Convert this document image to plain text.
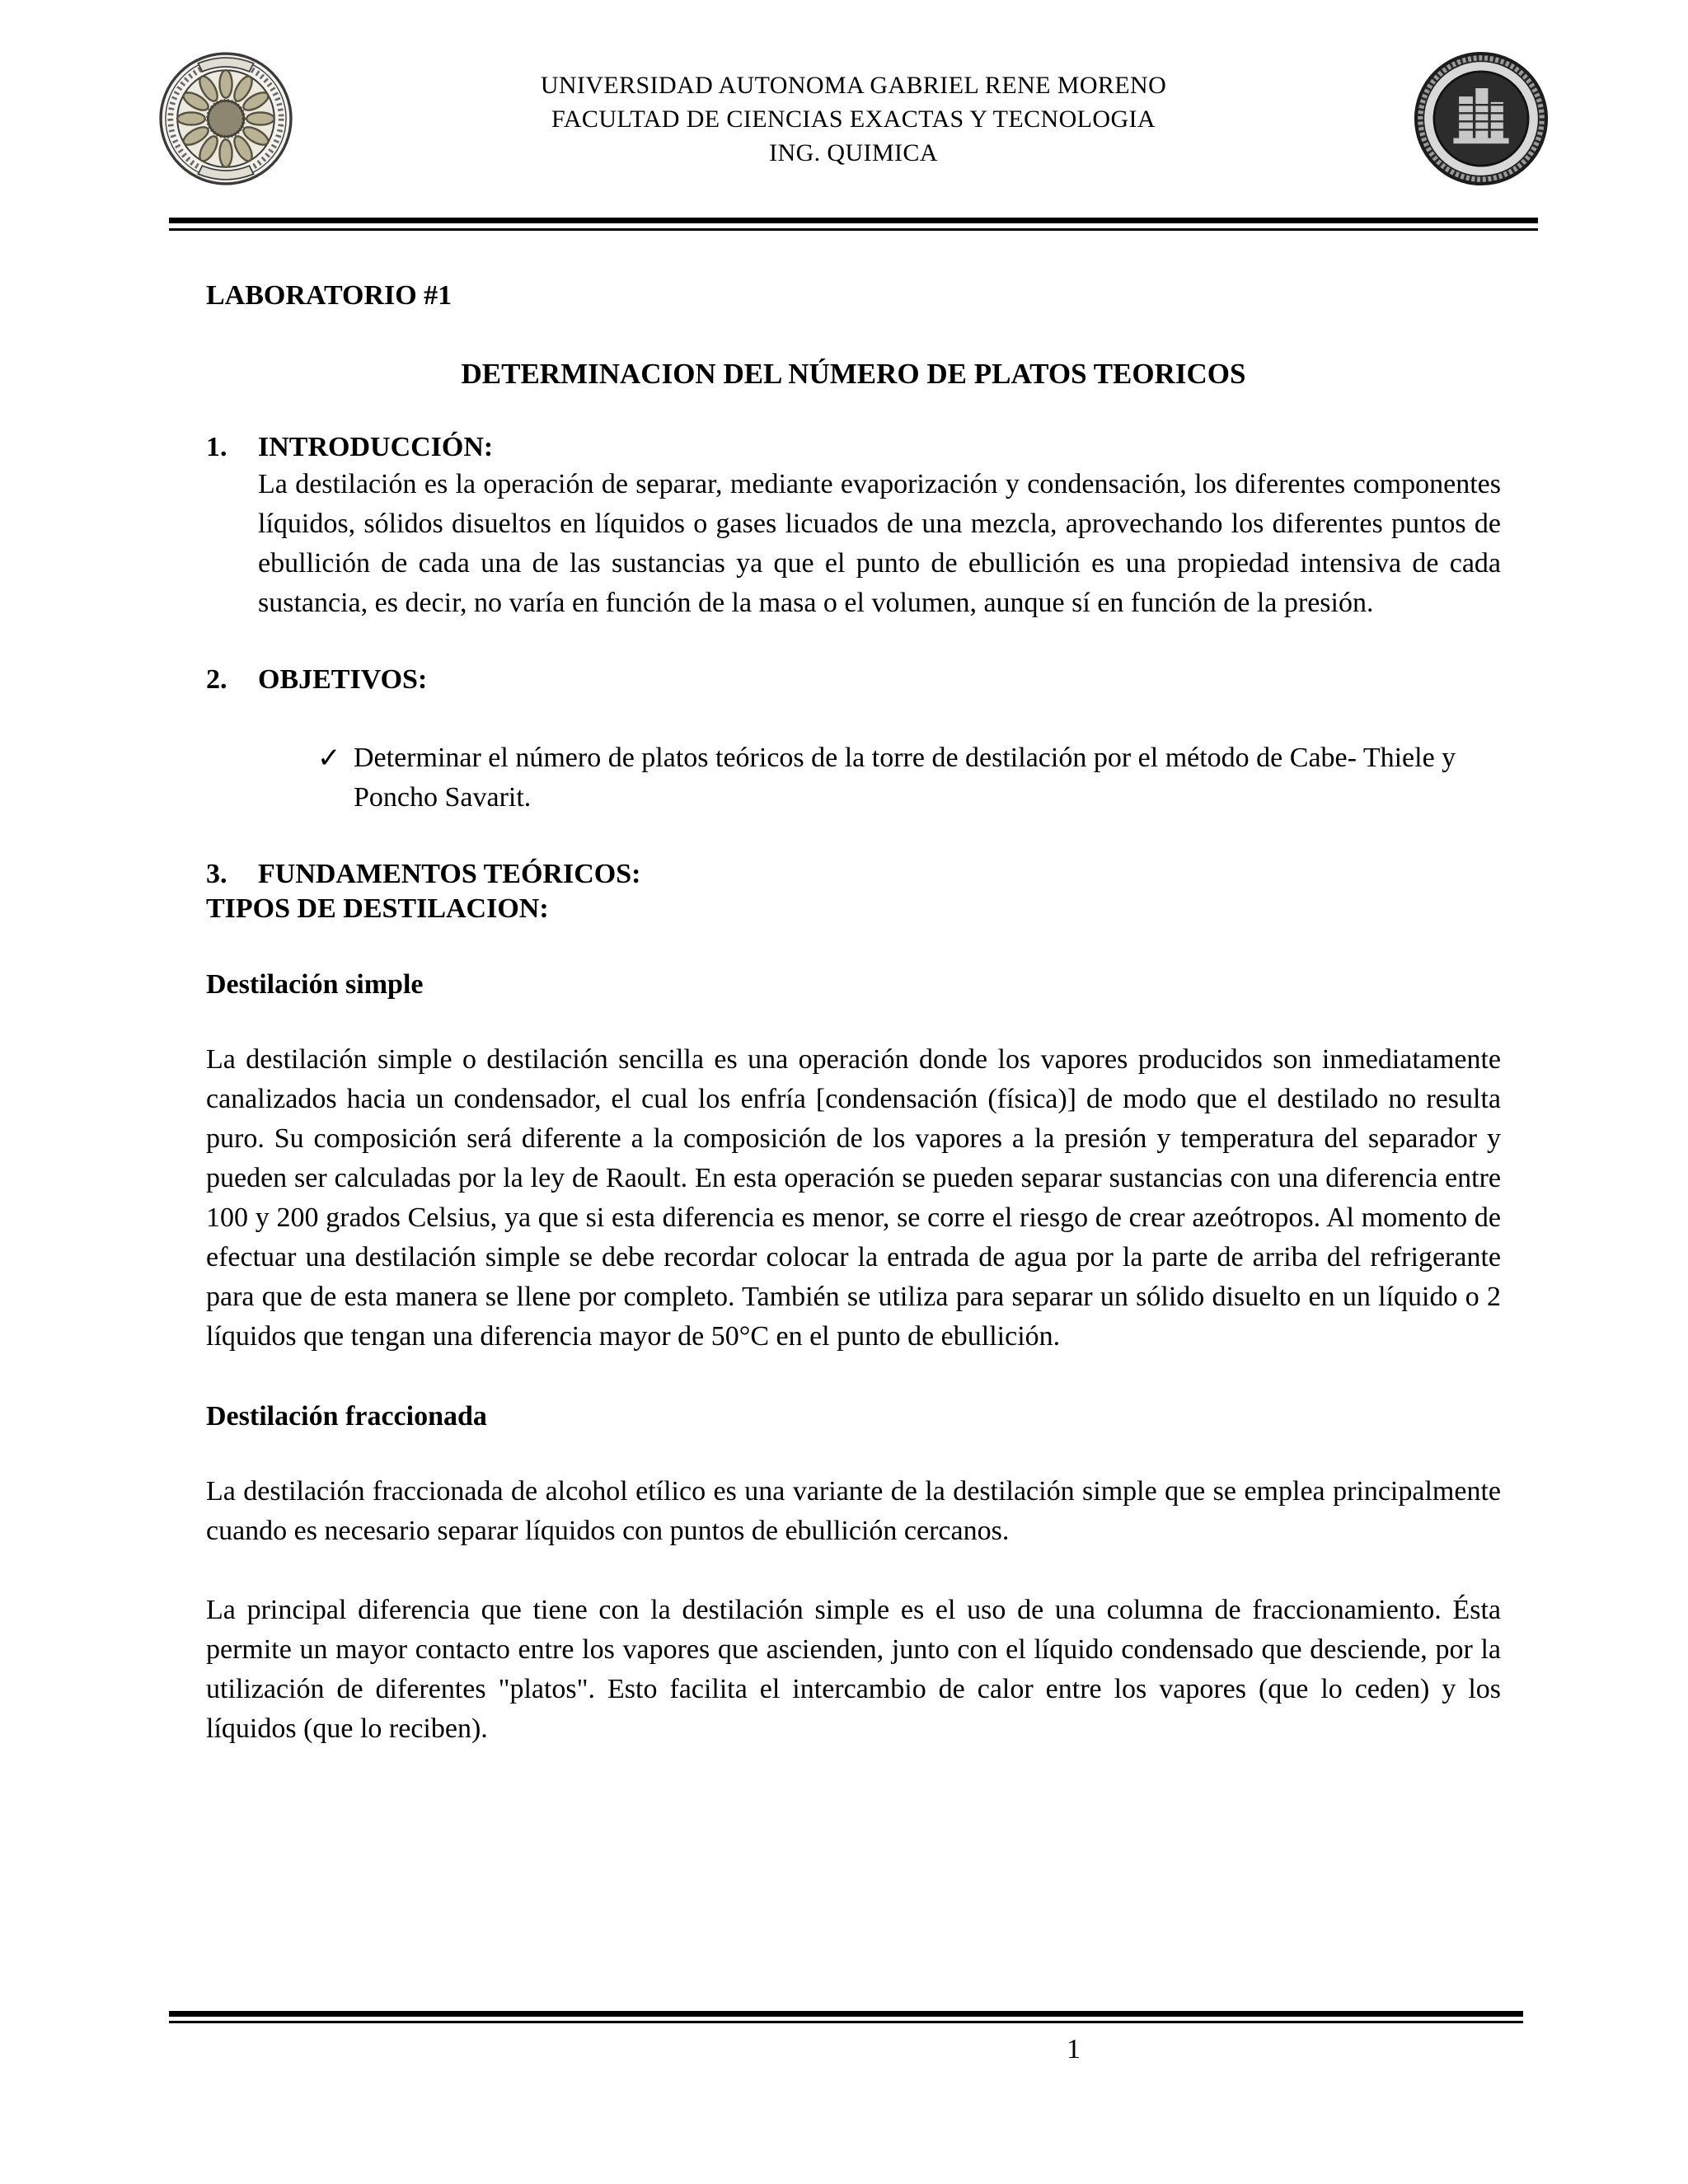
UNIVERSIDAD AUTONOMA GABRIEL RENE MORENO
FACULTAD DE CIENCIAS EXACTAS Y TECNOLOGIA
ING. QUIMICA
LABORATORIO #1
DETERMINACION DEL NÚMERO DE PLATOS TEORICOS
1.	INTRODUCCIÓN:

La destilación es la operación de separar, mediante evaporización y condensación, los diferentes componentes líquidos, sólidos disueltos en líquidos o gases licuados de una mezcla, aprovechando los diferentes puntos de ebullición de cada una de las sustancias ya que el punto de ebullición es una propiedad intensiva de cada sustancia, es decir, no varía en función de la masa o el volumen, aunque sí en función de la presión.

2.	OBJETIVOS:
✓ Determinar el número de platos teóricos de la torre de destilación por el método de Cabe- Thiele y Poncho Savarit.
3.	FUNDAMENTOS TEÓRICOS:
TIPOS DE DESTILACION:
Destilación simple

La destilación simple o destilación sencilla es una operación donde los vapores producidos son inmediatamente canalizados hacia un condensador, el cual los enfría [condensación (física)] de modo que el destilado no resulta puro. Su composición será diferente a la composición de los vapores a la presión y temperatura del separador y pueden ser calculadas por la ley de Raoult. En esta operación se pueden separar sustancias con una diferencia entre 100 y 200 grados Celsius, ya que si esta diferencia es menor, se corre el riesgo de crear azeótropos. Al momento de efectuar una destilación simple se debe recordar colocar la entrada de agua por la parte de arriba del refrigerante para que de esta manera se llene por completo. También se utiliza para separar un sólido disuelto en un líquido o 2 líquidos que tengan una diferencia mayor de 50°C en el punto de ebullición.

Destilación fraccionada

La destilación fraccionada de alcohol etílico es una variante de la destilación simple que se emplea principalmente cuando es necesario separar líquidos con puntos de ebullición cercanos.

La principal diferencia que tiene con la destilación simple es el uso de una columna de fraccionamiento. Ésta permite un mayor contacto entre los vapores que ascienden, junto con el líquido condensado que desciende, por la utilización de diferentes "platos". Esto facilita el intercambio de calor entre los vapores (que lo ceden) y los líquidos (que lo reciben).

1
